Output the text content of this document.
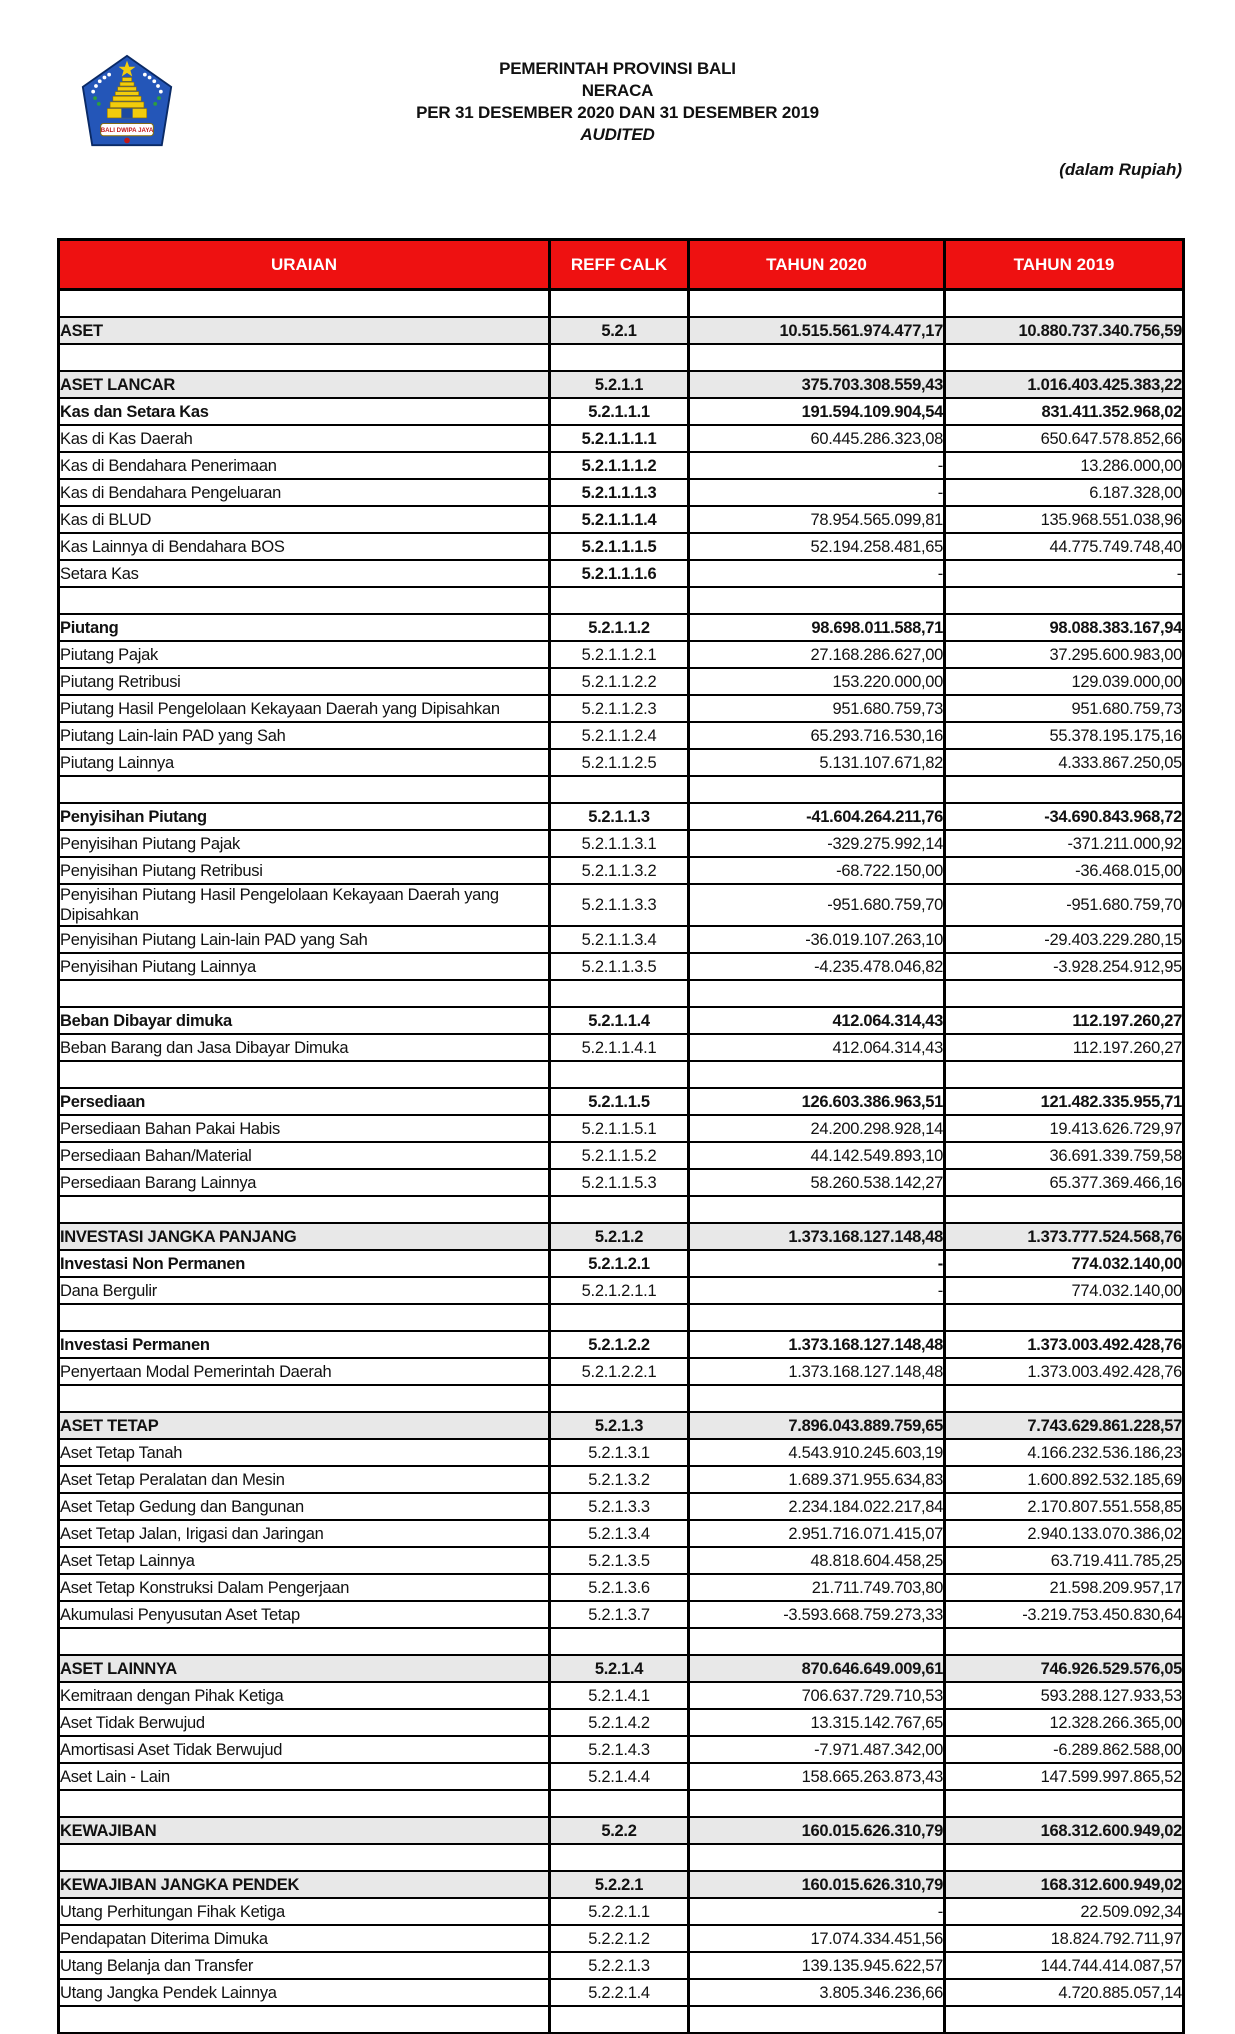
BALI DWIPA JAYA
PEMERINTAH PROVINSI BALI
NERACA
PER 31 DESEMBER 2020 DAN 31 DESEMBER 2019
AUDITED
(dalam Rupiah)
URAIAN	REFF CALK	TAHUN 2020	TAHUN 2019

ASET	5.2.1	10.515.561.974.477,17	10.880.737.340.756,59

ASET LANCAR	5.2.1.1	375.703.308.559,43	1.016.403.425.383,22
Kas dan Setara Kas	5.2.1.1.1	191.594.109.904,54	831.411.352.968,02
Kas di Kas Daerah	5.2.1.1.1.1	60.445.286.323,08	650.647.578.852,66
Kas di Bendahara Penerimaan	5.2.1.1.1.2	-	13.286.000,00
Kas di Bendahara Pengeluaran	5.2.1.1.1.3	-	6.187.328,00
Kas di BLUD	5.2.1.1.1.4	78.954.565.099,81	135.968.551.038,96
Kas Lainnya di Bendahara BOS	5.2.1.1.1.5	52.194.258.481,65	44.775.749.748,40
Setara Kas	5.2.1.1.1.6	-	-

Piutang	5.2.1.1.2	98.698.011.588,71	98.088.383.167,94
Piutang Pajak	5.2.1.1.2.1	27.168.286.627,00	37.295.600.983,00
Piutang Retribusi	5.2.1.1.2.2	153.220.000,00	129.039.000,00
Piutang Hasil Pengelolaan Kekayaan Daerah yang Dipisahkan	5.2.1.1.2.3	951.680.759,73	951.680.759,73
Piutang Lain-lain PAD yang Sah	5.2.1.1.2.4	65.293.716.530,16	55.378.195.175,16
Piutang Lainnya	5.2.1.1.2.5	5.131.107.671,82	4.333.867.250,05

Penyisihan Piutang	5.2.1.1.3	-41.604.264.211,76	-34.690.843.968,72
Penyisihan Piutang Pajak	5.2.1.1.3.1	-329.275.992,14	-371.211.000,92
Penyisihan Piutang Retribusi	5.2.1.1.3.2	-68.722.150,00	-36.468.015,00
Penyisihan Piutang Hasil Pengelolaan Kekayaan Daerah yang Dipisahkan	5.2.1.1.3.3	-951.680.759,70	-951.680.759,70
Penyisihan Piutang Lain-lain PAD yang Sah	5.2.1.1.3.4	-36.019.107.263,10	-29.403.229.280,15
Penyisihan Piutang Lainnya	5.2.1.1.3.5	-4.235.478.046,82	-3.928.254.912,95

Beban Dibayar dimuka	5.2.1.1.4	412.064.314,43	112.197.260,27
Beban Barang dan Jasa Dibayar Dimuka	5.2.1.1.4.1	412.064.314,43	112.197.260,27

Persediaan	5.2.1.1.5	126.603.386.963,51	121.482.335.955,71
Persediaan Bahan Pakai Habis	5.2.1.1.5.1	24.200.298.928,14	19.413.626.729,97
Persediaan Bahan/Material	5.2.1.1.5.2	44.142.549.893,10	36.691.339.759,58
Persediaan Barang Lainnya	5.2.1.1.5.3	58.260.538.142,27	65.377.369.466,16

INVESTASI JANGKA PANJANG	5.2.1.2	1.373.168.127.148,48	1.373.777.524.568,76
Investasi Non Permanen	5.2.1.2.1	-	774.032.140,00
Dana Bergulir	5.2.1.2.1.1	-	774.032.140,00

Investasi Permanen	5.2.1.2.2	1.373.168.127.148,48	1.373.003.492.428,76
Penyertaan Modal Pemerintah Daerah	5.2.1.2.2.1	1.373.168.127.148,48	1.373.003.492.428,76

ASET TETAP	5.2.1.3	7.896.043.889.759,65	7.743.629.861.228,57
Aset Tetap Tanah	5.2.1.3.1	4.543.910.245.603,19	4.166.232.536.186,23
Aset Tetap Peralatan dan Mesin	5.2.1.3.2	1.689.371.955.634,83	1.600.892.532.185,69
Aset Tetap Gedung dan Bangunan	5.2.1.3.3	2.234.184.022.217,84	2.170.807.551.558,85
Aset Tetap Jalan, Irigasi dan Jaringan	5.2.1.3.4	2.951.716.071.415,07	2.940.133.070.386,02
Aset Tetap Lainnya	5.2.1.3.5	48.818.604.458,25	63.719.411.785,25
Aset Tetap Konstruksi Dalam Pengerjaan	5.2.1.3.6	21.711.749.703,80	21.598.209.957,17
Akumulasi Penyusutan Aset Tetap	5.2.1.3.7	-3.593.668.759.273,33	-3.219.753.450.830,64

ASET LAINNYA	5.2.1.4	870.646.649.009,61	746.926.529.576,05
Kemitraan dengan Pihak Ketiga	5.2.1.4.1	706.637.729.710,53	593.288.127.933,53
Aset Tidak Berwujud	5.2.1.4.2	13.315.142.767,65	12.328.266.365,00
Amortisasi Aset Tidak Berwujud	5.2.1.4.3	-7.971.487.342,00	-6.289.862.588,00
Aset Lain - Lain	5.2.1.4.4	158.665.263.873,43	147.599.997.865,52

KEWAJIBAN	5.2.2	160.015.626.310,79	168.312.600.949,02

KEWAJIBAN JANGKA PENDEK	5.2.2.1	160.015.626.310,79	168.312.600.949,02
Utang Perhitungan Fihak Ketiga	5.2.2.1.1	-	22.509.092,34
Pendapatan Diterima Dimuka	5.2.2.1.2	17.074.334.451,56	18.824.792.711,97
Utang Belanja dan Transfer	5.2.2.1.3	139.135.945.622,57	144.744.414.087,57
Utang Jangka Pendek Lainnya	5.2.2.1.4	3.805.346.236,66	4.720.885.057,14
